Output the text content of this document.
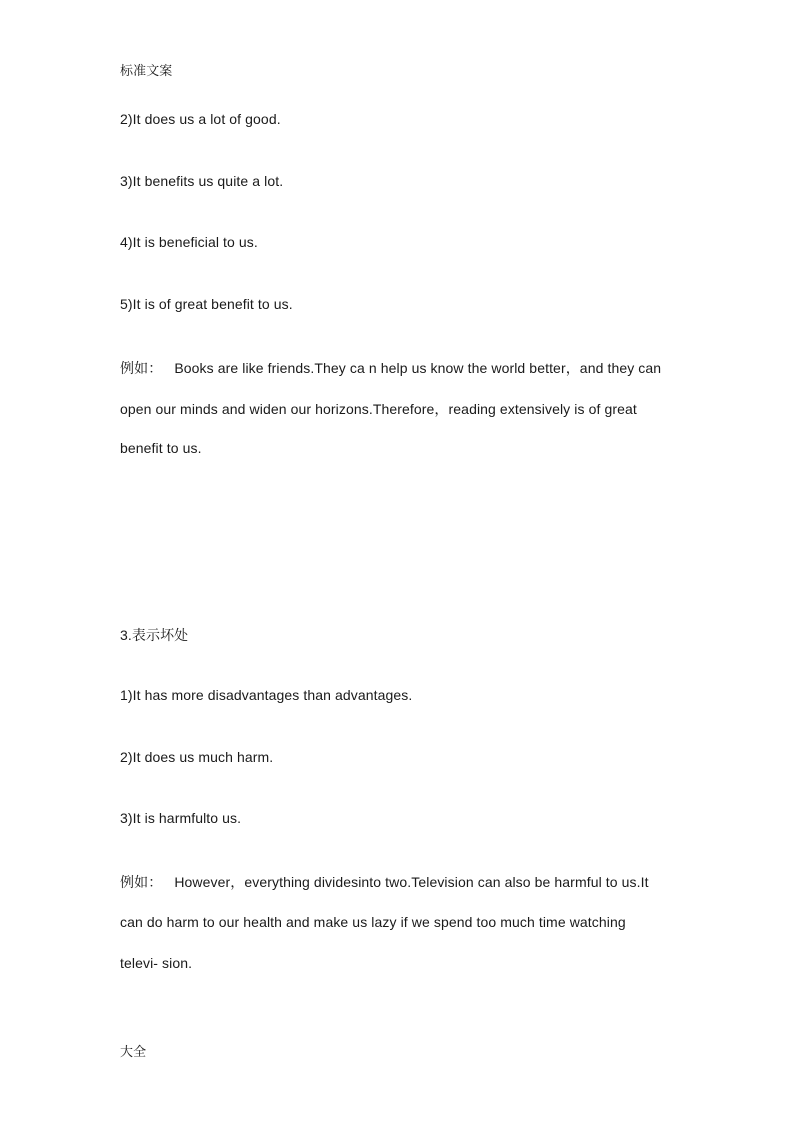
标准文案
2)It does us a lot of good.
3)It benefits us quite a lot.
4)It is beneficial to us.
5)It is of great benefit to us.
例如： Books are like friends.They ca n help us know the world better，and they can
open our minds and widen our horizons.Therefore，reading extensively is of great
benefit to us.
3.表示坏处
1)It has more disadvantages than advantages.
2)It does us much harm.
3)It is harmfulto us.
例如： However，everything dividesinto two.Television can also be harmful to us.It
can do harm to our health and make us lazy if we spend too much time watching
televi- sion.
大全
